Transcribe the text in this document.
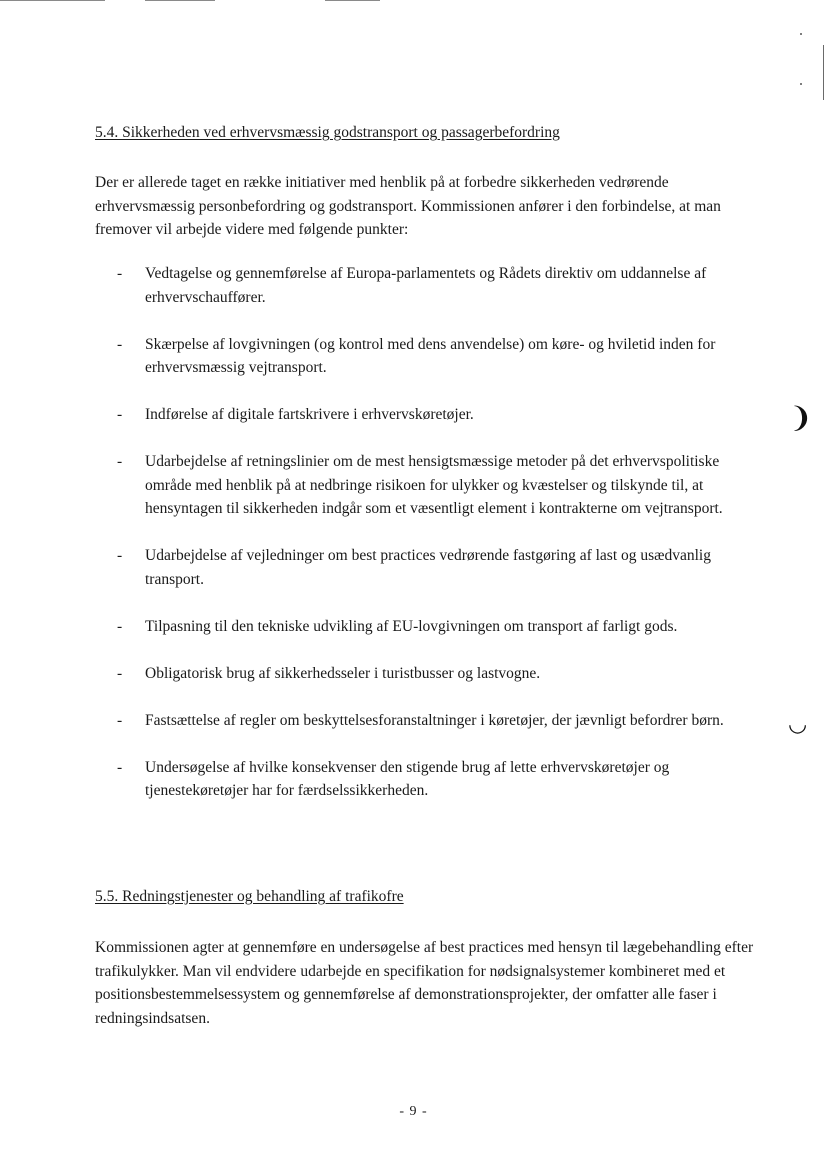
5.4. Sikkerheden ved erhvervsmæssig godstransport og passagerbefordring
Der er allerede taget en række initiativer med henblik på at forbedre sikkerheden vedrørende erhvervsmæssig personbefordring og godstransport. Kommissionen anfører i den forbindelse, at man fremover vil arbejde videre med følgende punkter:
- Vedtagelse og gennemførelse af Europa-parlamentets og Rådets direktiv om uddannelse af erhvervschauffører.
- Skærpelse af lovgivningen (og kontrol med dens anvendelse) om køre- og hviletid inden for erhvervsmæssig vejtransport.
- Indførelse af digitale fartskrivere i erhvervskøretøjer.
- Udarbejdelse af retningslinier om de mest hensigtsmæssige metoder på det erhvervspolitiske område med henblik på at nedbringe risikoen for ulykker og kvæstelser og tilskynde til, at hensyntagen til sikkerheden indgår som et væsentligt element i kontrakterne om vejtransport.
- Udarbejdelse af vejledninger om best practices vedrørende fastgøring af last og usædvanlig transport.
- Tilpasning til den tekniske udvikling af EU-lovgivningen om transport af farligt gods.
- Obligatorisk brug af sikkerhedsseler i turistbusser og lastvogne.
- Fastsættelse af regler om beskyttelsesforanstaltninger i køretøjer, der jævnligt befordrer børn.
- Undersøgelse af hvilke konsekvenser den stigende brug af lette erhvervskøretøjer og tjenestekøretøjer har for færdselssikkerheden.
5.5. Redningstjenester og behandling af trafikofre
Kommissionen agter at gennemføre en undersøgelse af best practices med hensyn til lægebehandling efter trafikulykker. Man vil endvidere udarbejde en specifikation for nødsignalsystemer kombineret med et positionsbestemmelsessystem og gennemførelse af demonstrationsprojekter, der omfatter alle faser i redningsindsatsen.
- 9 -
❩
◡
